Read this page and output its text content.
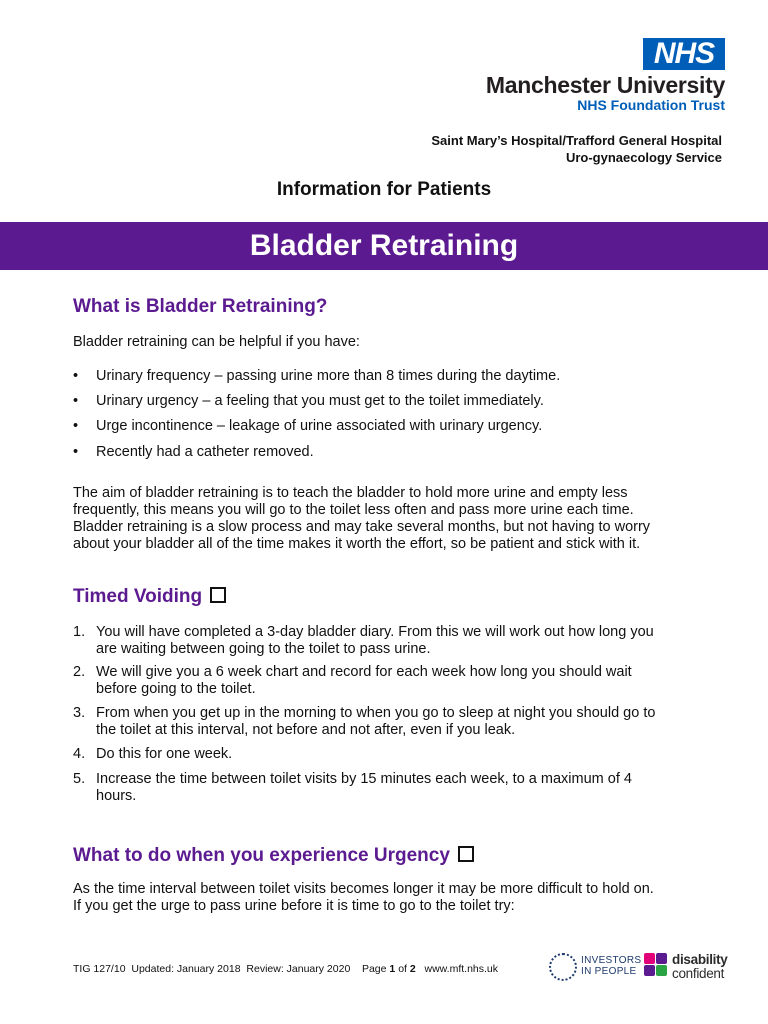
NHS
Manchester University
NHS Foundation Trust
Saint Mary’s Hospital/Trafford General Hospital
Uro-gynaecology Service
Information for Patients
Bladder Retraining
What is Bladder Retraining?
Bladder retraining can be helpful if you have:
• Urinary frequency – passing urine more than 8 times during the daytime.
• Urinary urgency – a feeling that you must get to the toilet immediately.
• Urge incontinence – leakage of urine associated with urinary urgency.
• Recently had a catheter removed.
The aim of bladder retraining is to teach the bladder to hold more urine and empty less
frequently, this means you will go to the toilet less often and pass more urine each time.
Bladder retraining is a slow process and may take several months, but not having to worry
about your bladder all of the time makes it worth the effort, so be patient and stick with it.
Timed Voiding
1. You will have completed a 3-day bladder diary. From this we will work out how long you
are waiting between going to the toilet to pass urine.
2. We will give you a 6 week chart and record for each week how long you should wait
before going to the toilet.
3. From when you get up in the morning to when you go to sleep at night you should go to
the toilet at this interval, not before and not after, even if you leak.
4. Do this for one week.
5. Increase the time between toilet visits by 15 minutes each week, to a maximum of 4
hours.
What to do when you experience Urgency
As the time interval between toilet visits becomes longer it may be more difficult to hold on.
If you get the urge to pass urine before it is time to go to the toilet try:
TIG 127/10 Updated: January 2018 Review: January 2020 Page 1 of 2 www.mft.nhs.uk
INVESTORS
IN PEOPLE
disability
confident
